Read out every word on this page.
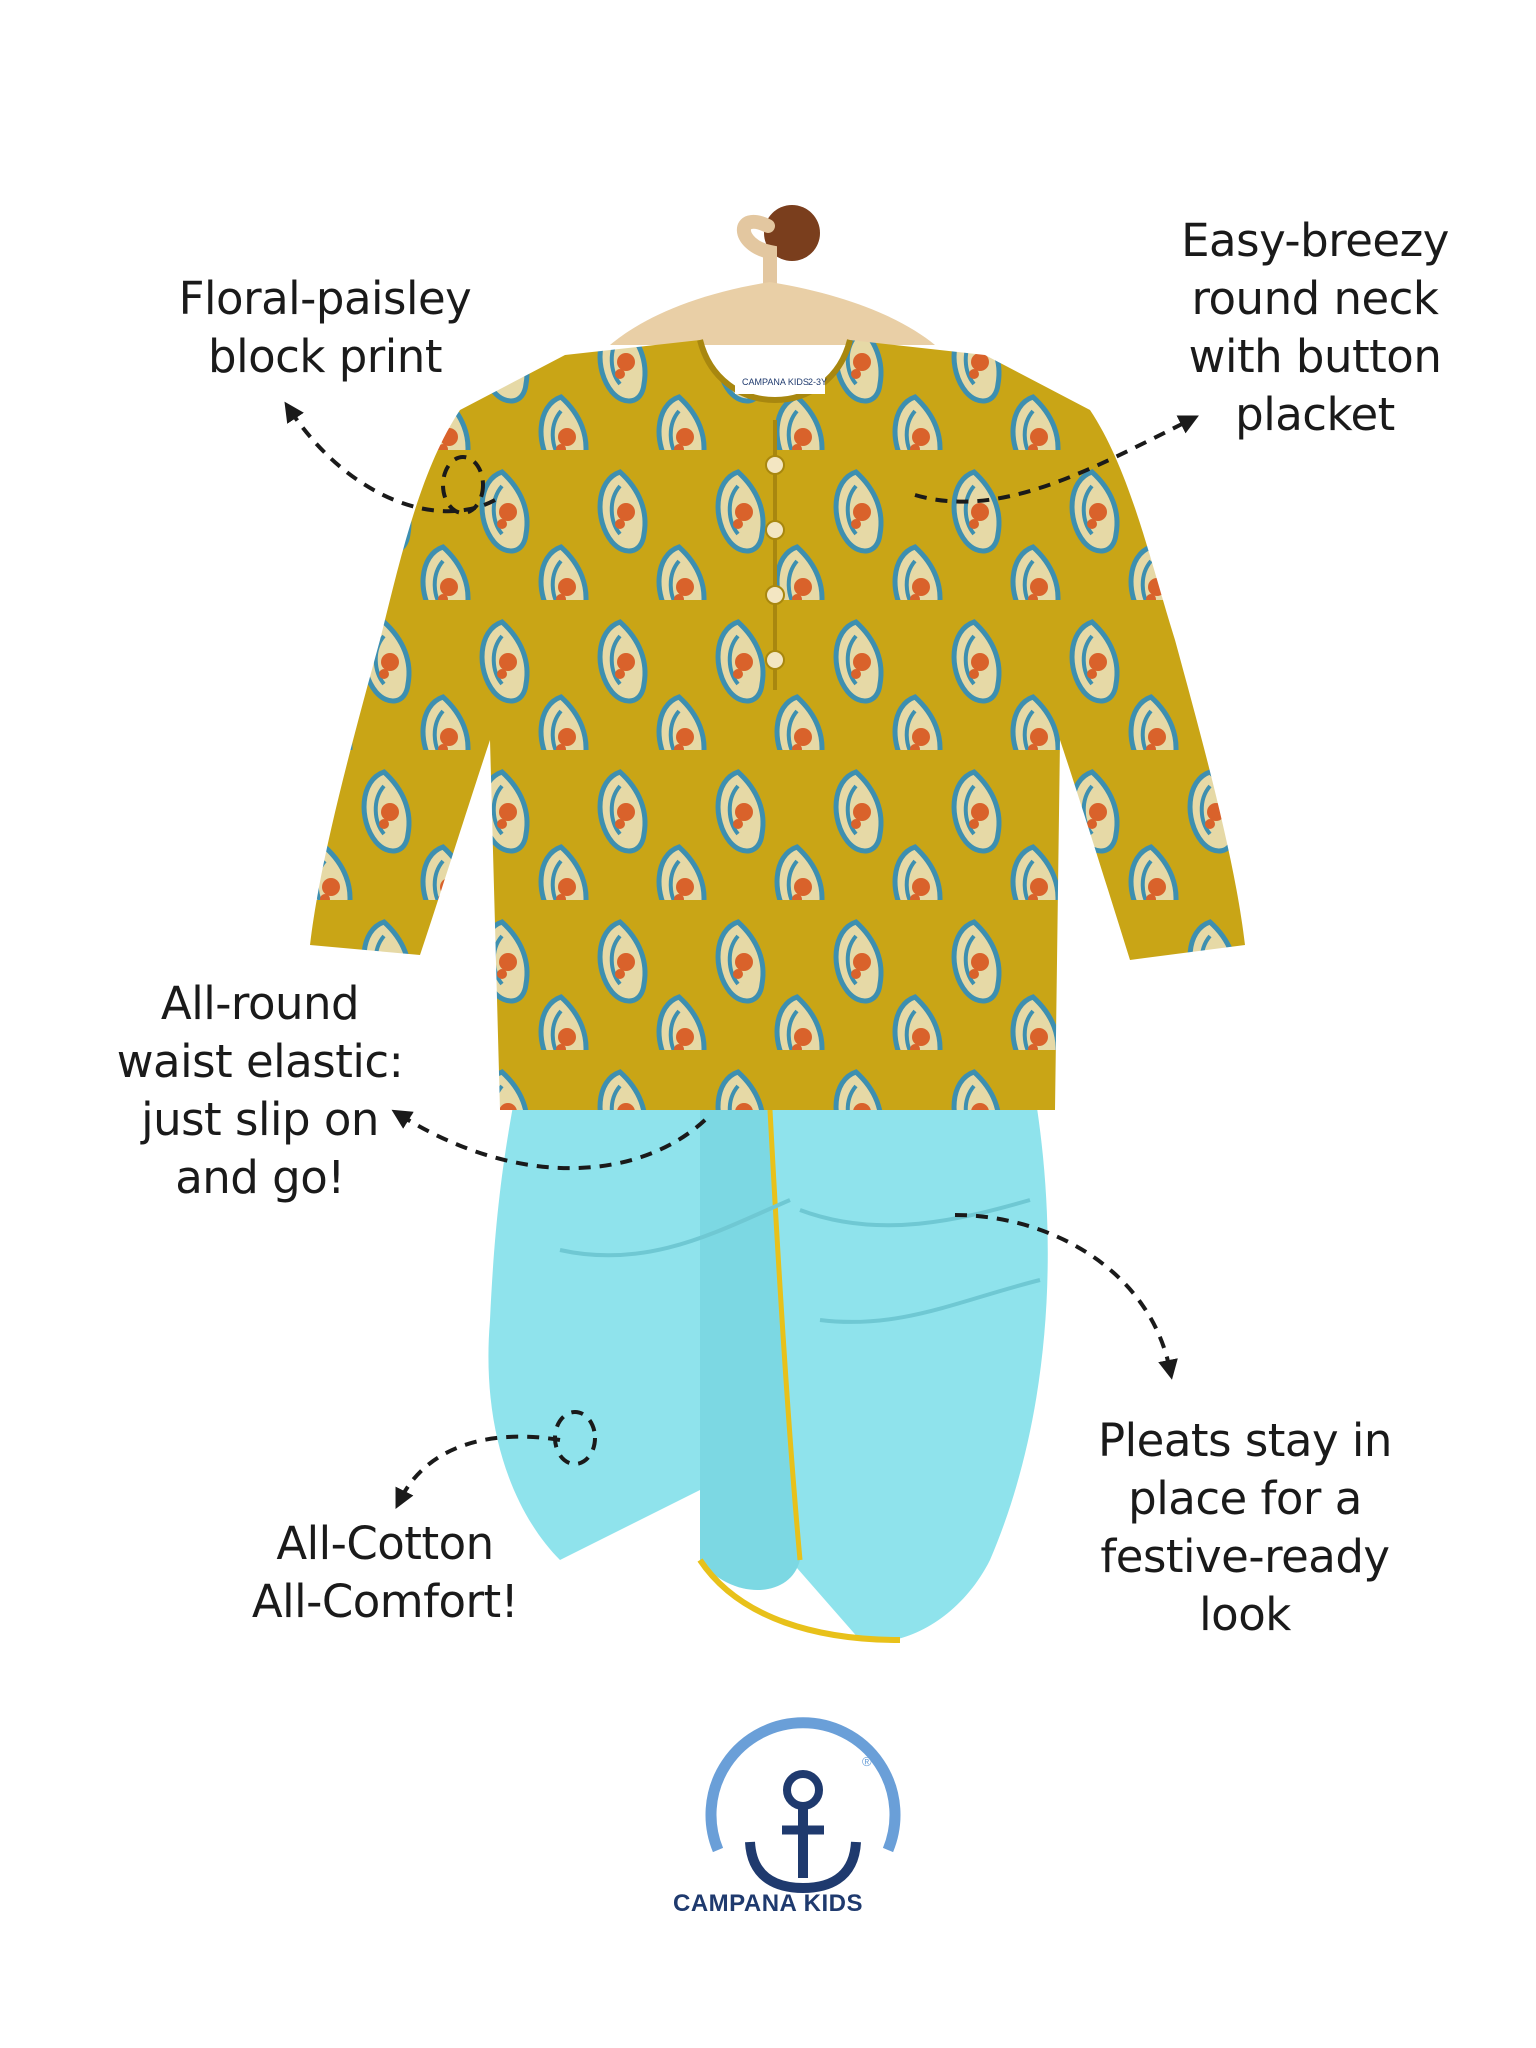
CAMPANA KIDS 2-3Y
®
Floral-paisley
block print
Easy-breezy
round neck
with button
placket
All-round
waist elastic:
just slip on
and go!
All-Cotton
All-Comfort!
Pleats stay in
place for a
festive-ready
look
CAMPANA KIDS
